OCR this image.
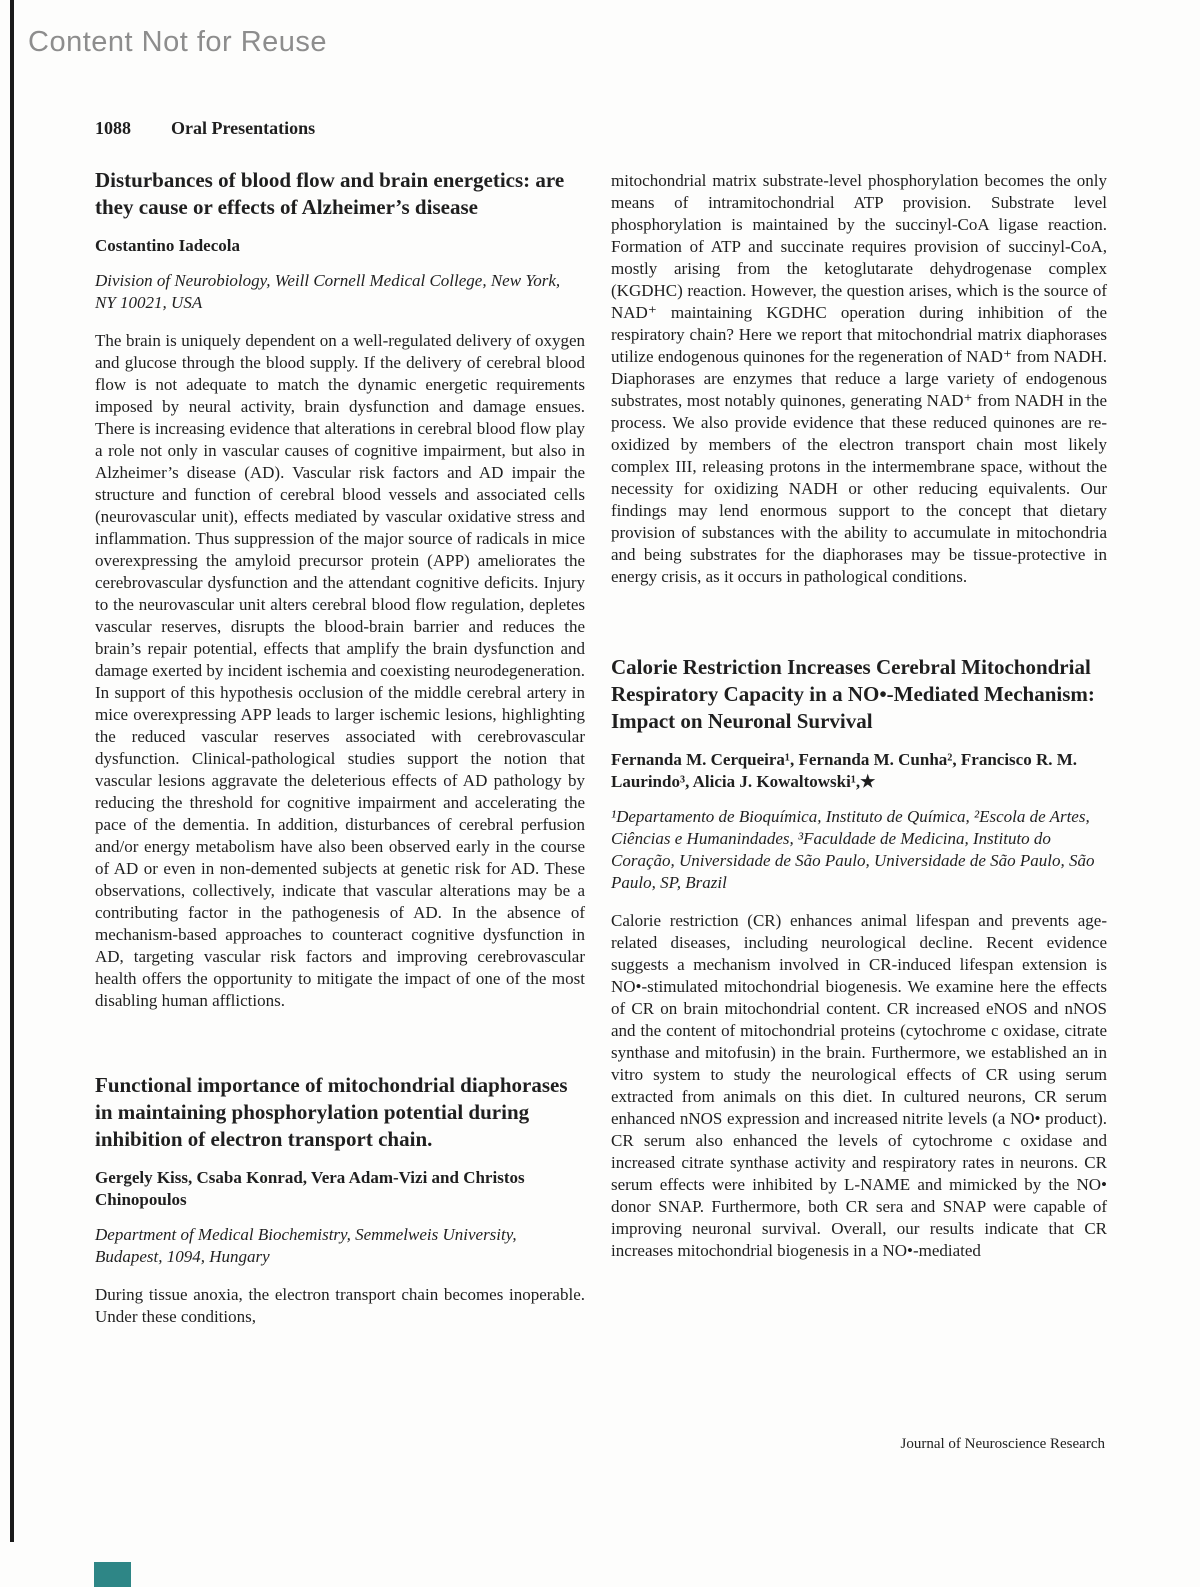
Content Not for Reuse
1088 Oral Presentations
Disturbances of blood flow and brain energetics: are they cause or effects of Alzheimer’s disease

Costantino Iadecola

Division of Neurobiology, Weill Cornell Medical College, New York, NY 10021, USA

The brain is uniquely dependent on a well-regulated delivery of oxygen and glucose through the blood supply. If the delivery of cerebral blood flow is not adequate to match the dynamic energetic requirements imposed by neural activity, brain dysfunction and damage ensues. There is increasing evidence that alterations in cerebral blood flow play a role not only in vascular causes of cognitive impairment, but also in Alzheimer’s disease (AD). Vascular risk factors and AD impair the structure and function of cerebral blood vessels and associated cells (neurovascular unit), effects mediated by vascular oxidative stress and inflammation. Thus suppression of the major source of radicals in mice overexpressing the amyloid precursor protein (APP) ameliorates the cerebrovascular dysfunction and the attendant cognitive deficits. Injury to the neurovascular unit alters cerebral blood flow regulation, depletes vascular reserves, disrupts the blood-brain barrier and reduces the brain’s repair potential, effects that amplify the brain dysfunction and damage exerted by incident ischemia and coexisting neurodegeneration. In support of this hypothesis occlusion of the middle cerebral artery in mice overexpressing APP leads to larger ischemic lesions, highlighting the reduced vascular reserves associated with cerebrovascular dysfunction. Clinical-pathological studies support the notion that vascular lesions aggravate the deleterious effects of AD pathology by reducing the threshold for cognitive impairment and accelerating the pace of the dementia. In addition, disturbances of cerebral perfusion and/or energy metabolism have also been observed early in the course of AD or even in non-demented subjects at genetic risk for AD. These observations, collectively, indicate that vascular alterations may be a contributing factor in the pathogenesis of AD. In the absence of mechanism-based approaches to counteract cognitive dysfunction in AD, targeting vascular risk factors and improving cerebrovascular health offers the opportunity to mitigate the impact of one of the most disabling human afflictions.

Functional importance of mitochondrial diaphorases in maintaining phosphorylation potential during inhibition of electron transport chain.

Gergely Kiss, Csaba Konrad, Vera Adam-Vizi and Christos Chinopoulos

Department of Medical Biochemistry, Semmelweis University, Budapest, 1094, Hungary

During tissue anoxia, the electron transport chain becomes inoperable. Under these conditions,

mitochondrial matrix substrate-level phosphorylation becomes the only means of intramitochondrial ATP provision. Substrate level phosphorylation is maintained by the succinyl-CoA ligase reaction. Formation of ATP and succinate requires provision of succinyl-CoA, mostly arising from the ketoglutarate dehydrogenase complex (KGDHC) reaction. However, the question arises, which is the source of NAD⁺ maintaining KGDHC operation during inhibition of the respiratory chain? Here we report that mitochondrial matrix diaphorases utilize endogenous quinones for the regeneration of NAD⁺ from NADH. Diaphorases are enzymes that reduce a large variety of endogenous substrates, most notably quinones, generating NAD⁺ from NADH in the process. We also provide evidence that these reduced quinones are re-oxidized by members of the electron transport chain most likely complex III, releasing protons in the intermembrane space, without the necessity for oxidizing NADH or other reducing equivalents. Our findings may lend enormous support to the concept that dietary provision of substances with the ability to accumulate in mitochondria and being substrates for the diaphorases may be tissue-protective in energy crisis, as it occurs in pathological conditions.

Calorie Restriction Increases Cerebral Mitochondrial Respiratory Capacity in a NO•-Mediated Mechanism: Impact on Neuronal Survival

Fernanda M. Cerqueira¹, Fernanda M. Cunha², Francisco R. M. Laurindo³, Alicia J. Kowaltowski¹,★

¹Departamento de Bioquímica, Instituto de Química, ²Escola de Artes, Ciências e Humanindades, ³Faculdade de Medicina, Instituto do Coração, Universidade de São Paulo, Universidade de São Paulo, São Paulo, SP, Brazil

Calorie restriction (CR) enhances animal lifespan and prevents age-related diseases, including neurological decline. Recent evidence suggests a mechanism involved in CR-induced lifespan extension is NO•-stimulated mitochondrial biogenesis. We examine here the effects of CR on brain mitochondrial content. CR increased eNOS and nNOS and the content of mitochondrial proteins (cytochrome c oxidase, citrate synthase and mitofusin) in the brain. Furthermore, we established an in vitro system to study the neurological effects of CR using serum extracted from animals on this diet. In cultured neurons, CR serum enhanced nNOS expression and increased nitrite levels (a NO• product). CR serum also enhanced the levels of cytochrome c oxidase and increased citrate synthase activity and respiratory rates in neurons. CR serum effects were inhibited by L-NAME and mimicked by the NO• donor SNAP. Furthermore, both CR sera and SNAP were capable of improving neuronal survival. Overall, our results indicate that CR increases mitochondrial biogenesis in a NO•-mediated

Journal of Neuroscience Research
